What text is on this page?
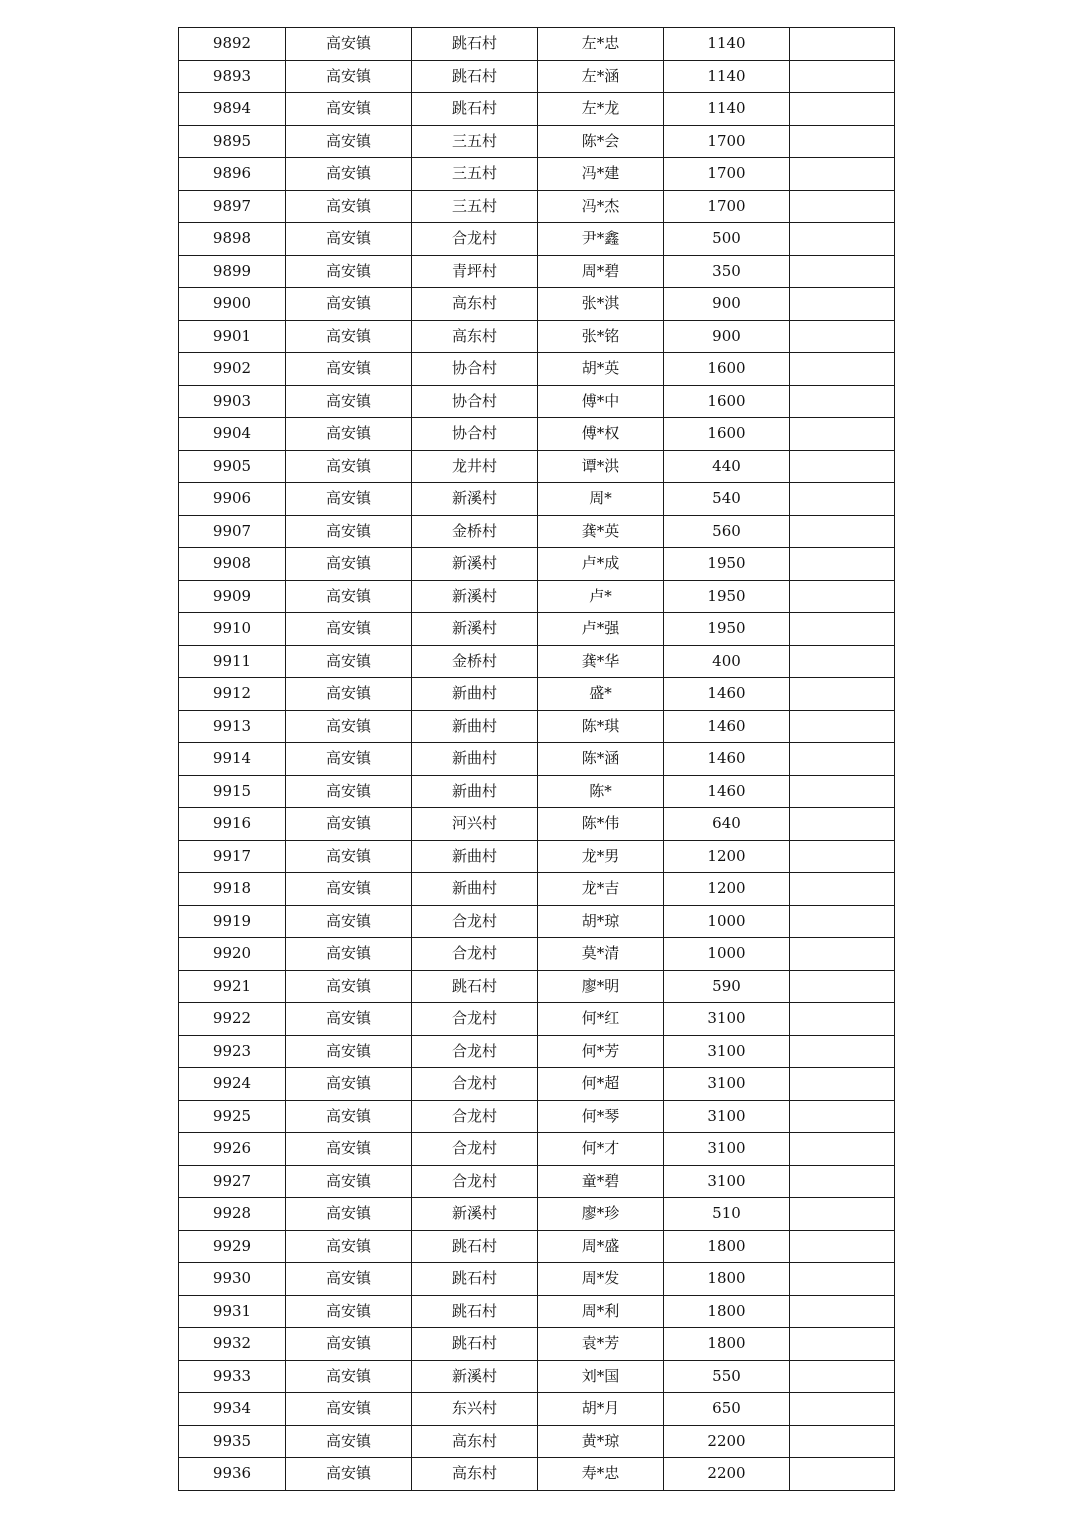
9892	高安镇	跳石村	左*忠	1140	
9893	高安镇	跳石村	左*涵	1140	
9894	高安镇	跳石村	左*龙	1140	
9895	高安镇	三五村	陈*会	1700	
9896	高安镇	三五村	冯*建	1700	
9897	高安镇	三五村	冯*杰	1700	
9898	高安镇	合龙村	尹*鑫	500	
9899	高安镇	青坪村	周*碧	350	
9900	高安镇	高东村	张*淇	900	
9901	高安镇	高东村	张*铭	900	
9902	高安镇	协合村	胡*英	1600	
9903	高安镇	协合村	傅*中	1600	
9904	高安镇	协合村	傅*权	1600	
9905	高安镇	龙井村	谭*洪	440	
9906	高安镇	新溪村	周*	540	
9907	高安镇	金桥村	龚*英	560	
9908	高安镇	新溪村	卢*成	1950	
9909	高安镇	新溪村	卢*	1950	
9910	高安镇	新溪村	卢*强	1950	
9911	高安镇	金桥村	龚*华	400	
9912	高安镇	新曲村	盛*	1460	
9913	高安镇	新曲村	陈*琪	1460	
9914	高安镇	新曲村	陈*涵	1460	
9915	高安镇	新曲村	陈*	1460	
9916	高安镇	河兴村	陈*伟	640	
9917	高安镇	新曲村	龙*男	1200	
9918	高安镇	新曲村	龙*吉	1200	
9919	高安镇	合龙村	胡*琼	1000	
9920	高安镇	合龙村	莫*清	1000	
9921	高安镇	跳石村	廖*明	590	
9922	高安镇	合龙村	何*红	3100	
9923	高安镇	合龙村	何*芳	3100	
9924	高安镇	合龙村	何*超	3100	
9925	高安镇	合龙村	何*琴	3100	
9926	高安镇	合龙村	何*才	3100	
9927	高安镇	合龙村	童*碧	3100	
9928	高安镇	新溪村	廖*珍	510	
9929	高安镇	跳石村	周*盛	1800	
9930	高安镇	跳石村	周*发	1800	
9931	高安镇	跳石村	周*利	1800	
9932	高安镇	跳石村	袁*芳	1800	
9933	高安镇	新溪村	刘*国	550	
9934	高安镇	东兴村	胡*月	650	
9935	高安镇	高东村	黄*琼	2200	
9936	高安镇	高东村	寿*忠	2200	
